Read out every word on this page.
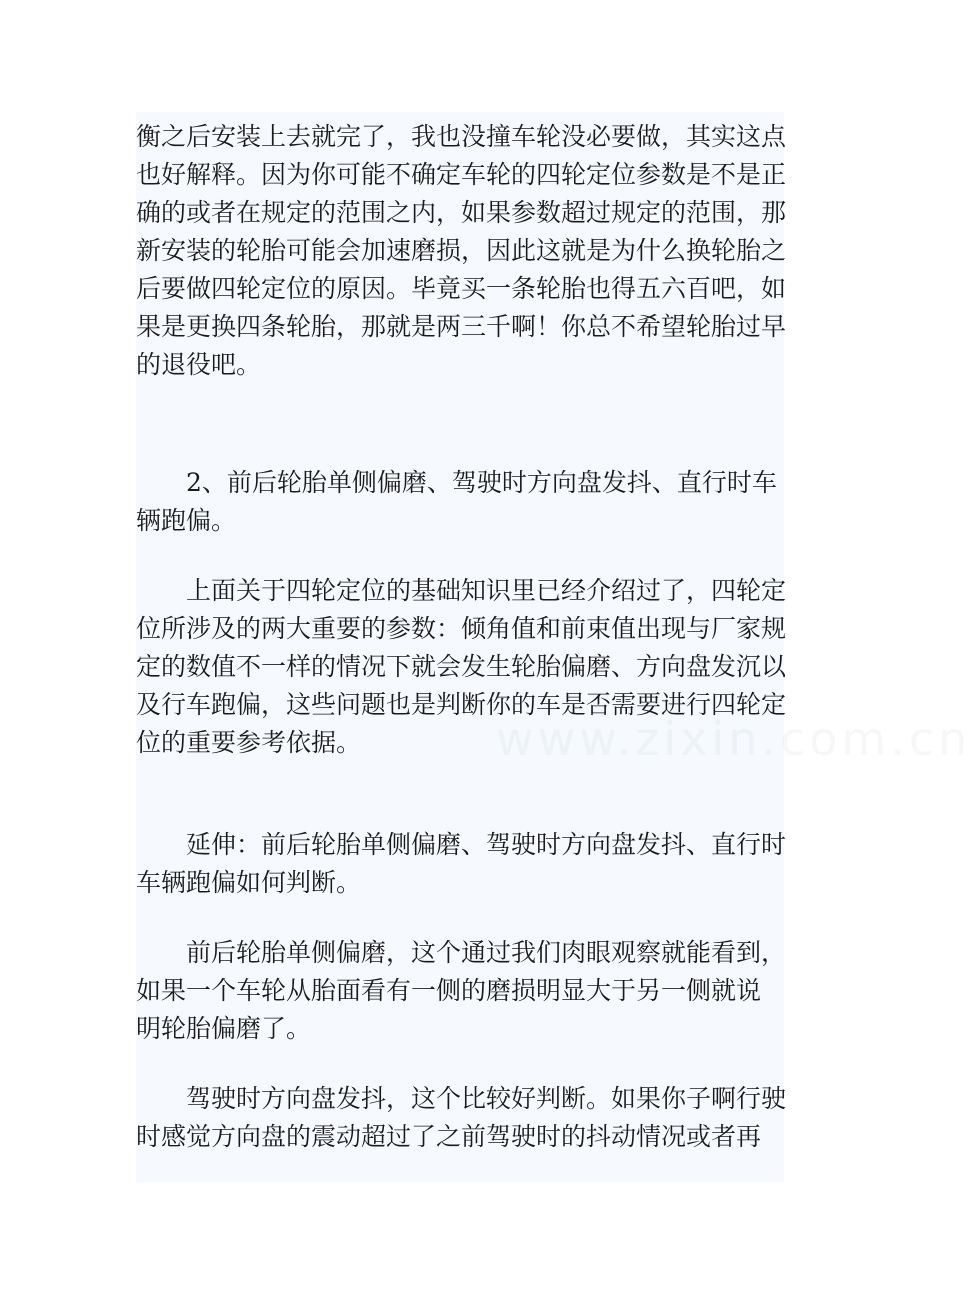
www.zixin.com.cn
衡之后安装上去就完了，我也没撞车轮没必要做，其实这点
也好解释。因为你可能不确定车轮的四轮定位参数是不是正
确的或者在规定的范围之内，如果参数超过规定的范围，那
新安装的轮胎可能会加速磨损，因此这就是为什么换轮胎之
后要做四轮定位的原因。毕竟买一条轮胎也得五六百吧，如
果是更换四条轮胎，那就是两三千啊！你总不希望轮胎过早
的退役吧。
　　2、前后轮胎单侧偏磨、驾驶时方向盘发抖、直行时车
辆跑偏。
　　上面关于四轮定位的基础知识里已经介绍过了，四轮定
位所涉及的两大重要的参数：倾角值和前束值出现与厂家规
定的数值不一样的情况下就会发生轮胎偏磨、方向盘发沉以
及行车跑偏，这些问题也是判断你的车是否需要进行四轮定
位的重要参考依据。
　　延伸：前后轮胎单侧偏磨、驾驶时方向盘发抖、直行时
车辆跑偏如何判断。
　　前后轮胎单侧偏磨，这个通过我们肉眼观察就能看到，
如果一个车轮从胎面看有一侧的磨损明显大于另一侧就说
明轮胎偏磨了。
　　驾驶时方向盘发抖，这个比较好判断。如果你子啊行驶
时感觉方向盘的震动超过了之前驾驶时的抖动情况或者再
